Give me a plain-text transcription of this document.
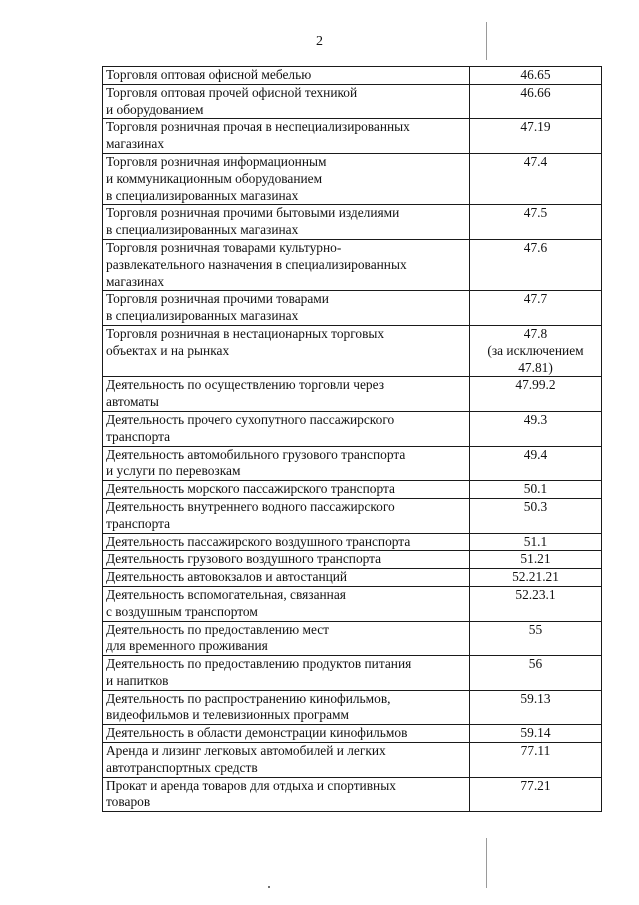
2
Торговля оптовая офисной мебелью	46.65

Торговля оптовая прочей офисной техникой
и оборудованием	46.66

Торговля розничная прочая в неспециализированных
магазинах	47.19

Торговля розничная информационным
и коммуникационным оборудованием
в специализированных магазинах	47.4

Торговля розничная прочими бытовыми изделиями
в специализированных магазинах	47.5

Торговля розничная товарами культурно-
развлекательного назначения в специализированных
магазинах	47.6

Торговля розничная прочими товарами
в специализированных магазинах	47.7

Торговля розничная в нестационарных торговых
объектах и на рынках	47.8
(за исключением
47.81)

Деятельность по осуществлению торговли через
автоматы	47.99.2

Деятельность прочего сухопутного пассажирского
транспорта	49.3

Деятельность автомобильного грузового транспорта
и услуги по перевозкам	49.4

Деятельность морского пассажирского транспорта	50.1

Деятельность внутреннего водного пассажирского
транспорта	50.3

Деятельность пассажирского воздушного транспорта	51.1

Деятельность грузового воздушного транспорта	51.21

Деятельность автовокзалов и автостанций	52.21.21

Деятельность вспомогательная, связанная
с воздушным транспортом	52.23.1

Деятельность по предоставлению мест
для временного проживания	55

Деятельность по предоставлению продуктов питания
и напитков	56

Деятельность по распространению кинофильмов,
видеофильмов и телевизионных программ	59.13

Деятельность в области демонстрации кинофильмов	59.14

Аренда и лизинг легковых автомобилей и легких
автотранспортных средств	77.11

Прокат и аренда товаров для отдыха и спортивных
товаров	77.21
